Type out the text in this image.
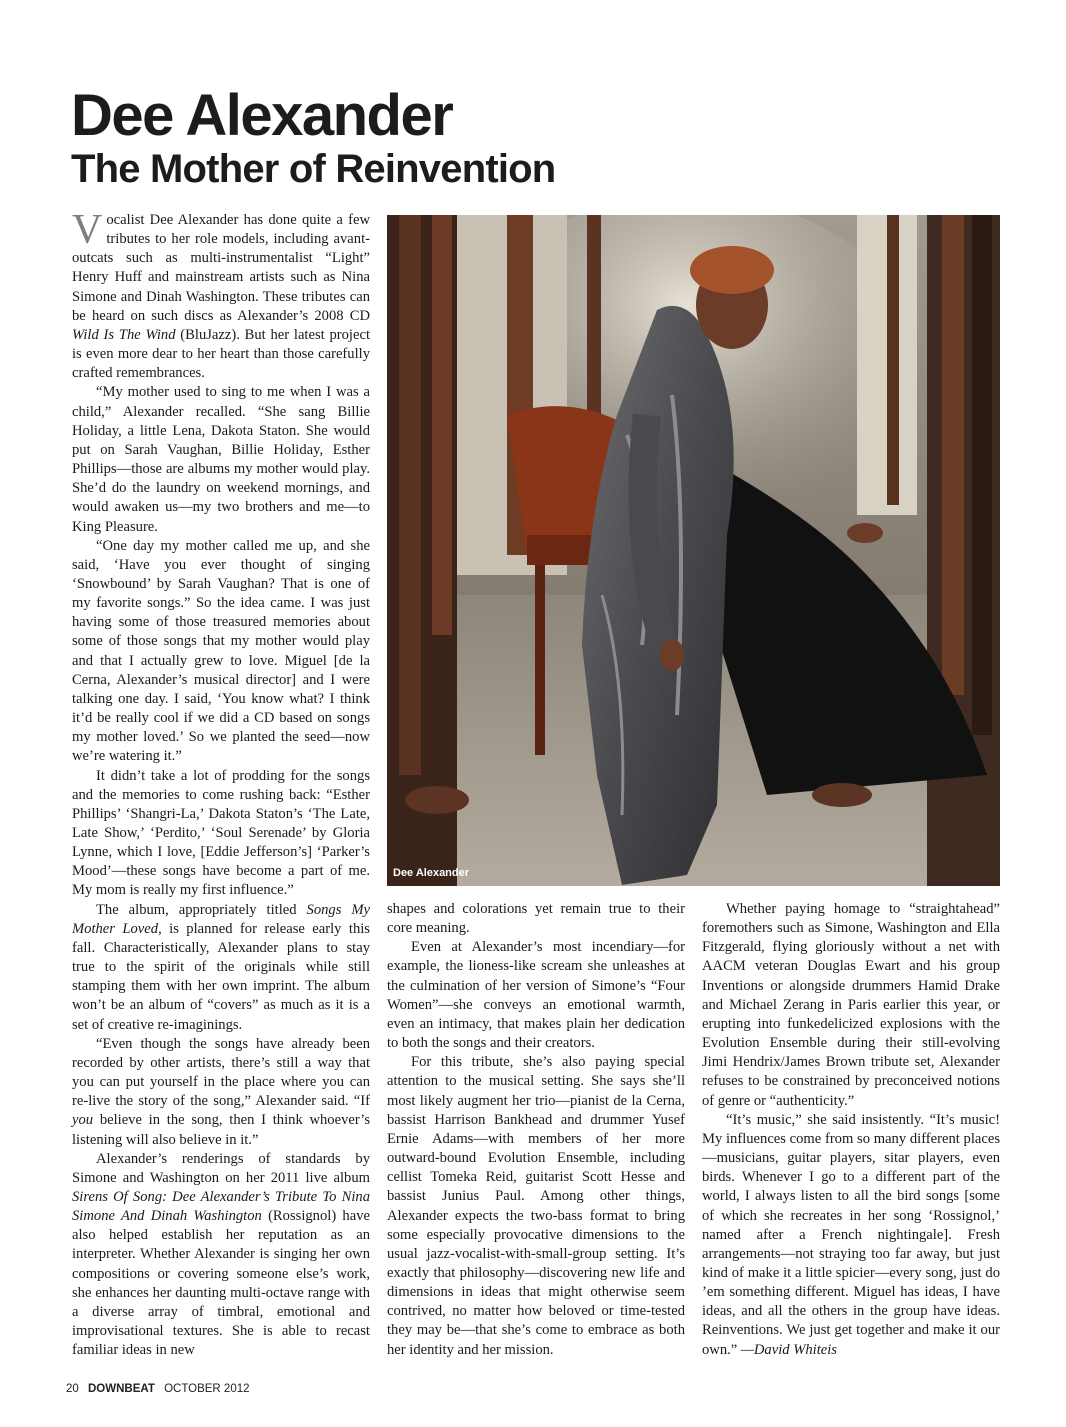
Dee Alexander
The Mother of Reinvention

Vocalist Dee Alexander has done quite a few tributes to her role models, including avant-outcats such as multi-instrumentalist “Light” Henry Huff and mainstream artists such as Nina Simone and Dinah Washington. These tributes can be heard on such discs as Alexander’s 2008 CD Wild Is The Wind (BluJazz). But her latest project is even more dear to her heart than those carefully crafted remembrances.

“My mother used to sing to me when I was a child,” Alexander recalled. “She sang Billie Holiday, a little Lena, Dakota Staton. She would put on Sarah Vaughan, Billie Holiday, Esther Phillips—those are albums my mother would play. She’d do the laundry on weekend mornings, and would awaken us—my two brothers and me—to King Pleasure.

“One day my mother called me up, and she said, ‘Have you ever thought of singing ‘Snowbound’ by Sarah Vaughan? That is one of my favorite songs.” So the idea came. I was just having some of those treasured memories about some of those songs that my mother would play and that I actually grew to love. Miguel [de la Cerna, Alexander’s musical director] and I were talking one day. I said, ‘You know what? I think it’d be really cool if we did a CD based on songs my mother loved.’ So we planted the seed—now we’re watering it.”

It didn’t take a lot of prodding for the songs and the memories to come rushing back: “Esther Phillips’ ‘Shangri-La,’ Dakota Staton’s ‘The Late, Late Show,’ ‘Perdito,’ ‘Soul Serenade’ by Gloria Lynne, which I love, [Eddie Jefferson’s] ‘Parker’s Mood’—these songs have become a part of me. My mom is really my first influence.”

The album, appropriately titled Songs My Mother Loved, is planned for release early this fall. Characteristically, Alexander plans to stay true to the spirit of the originals while still stamping them with her own imprint. The album won’t be an album of “covers” as much as it is a set of creative re-imaginings.

“Even though the songs have already been recorded by other artists, there’s still a way that you can put yourself in the place where you can re-live the story of the song,” Alexander said. “If you believe in the song, then I think whoever’s listening will also believe in it.”

Alexander’s renderings of standards by Simone and Washington on her 2011 live album Sirens Of Song: Dee Alexander’s Tribute To Nina Simone And Dinah Washington (Rossignol) have also helped establish her reputation as an interpreter. Whether Alexander is singing her own compositions or covering someone else’s work, she enhances her daunting multi-octave range with a diverse array of timbral, emotional and improvisational textures. She is able to recast familiar ideas in new

Dee Alexander

shapes and colorations yet remain true to their core meaning.

Even at Alexander’s most incendiary—for example, the lioness-like scream she unleashes at the culmination of her version of Simone’s “Four Women”—she conveys an emotional warmth, even an intimacy, that makes plain her dedication to both the songs and their creators.

For this tribute, she’s also paying special attention to the musical setting. She says she’ll most likely augment her trio—pianist de la Cerna, bassist Harrison Bankhead and drummer Yusef Ernie Adams—with members of her more outward-bound Evolution Ensemble, including cellist Tomeka Reid, guitarist Scott Hesse and bassist Junius Paul. Among other things, Alexander expects the two-bass format to bring some especially provocative dimensions to the usual jazz-vocalist-with-small-group setting. It’s exactly that philosophy—discovering new life and dimensions in ideas that might otherwise seem contrived, no matter how beloved or time-tested they may be—that she’s come to embrace as both her identity and her mission.

Whether paying homage to “straightahead” foremothers such as Simone, Washington and Ella Fitzgerald, flying gloriously without a net with AACM veteran Douglas Ewart and his group Inventions or alongside drummers Hamid Drake and Michael Zerang in Paris earlier this year, or erupting into funkedelicized explosions with the Evolution Ensemble during their still-evolving Jimi Hendrix/James Brown tribute set, Alexander refuses to be constrained by preconceived notions of genre or “authenticity.”

“It’s music,” she said insistently. “It’s music! My influences come from so many different places—musicians, guitar players, sitar players, even birds. Whenever I go to a different part of the world, I always listen to all the bird songs [some of which she recreates in her song ‘Rossignol,’ named after a French nightingale]. Fresh arrangements—not straying too far away, but just kind of make it a little spicier—every song, just do ’em something different. Miguel has ideas, I have ideas, and all the others in the group have ideas. Reinventions. We just get together and make it our own.” —David Whiteis

20 DOWNBEAT OCTOBER 2012
